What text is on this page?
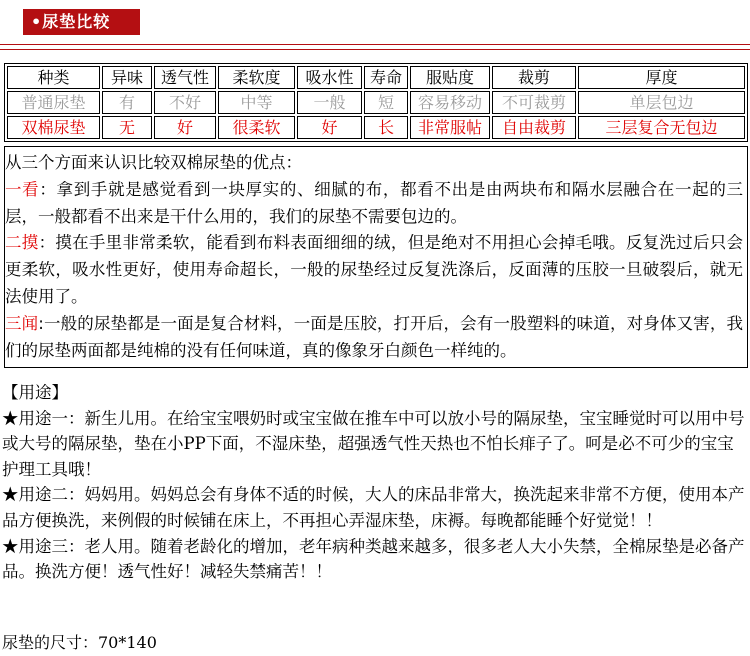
•尿垫比较
种类	异味	透气性	柔软度	吸水性	寿命	服贴度	裁剪	厚度
普通尿垫	有	不好	中等	一般	短	容易移动	不可裁剪	单层包边
双棉尿垫	无	好	很柔软	好	长	非常服帖	自由裁剪	三层复合无包边

从三个方面来认识比较双棉尿垫的优点：

一看：拿到手就是感觉看到一块厚实的、细腻的布，都看不出是由两块布和隔水层融合在一起的三层，一般都看不出来是干什么用的，我们的尿垫不需要包边的。

二摸：摸在手里非常柔软，能看到布料表面细细的绒，但是绝对不用担心会掉毛哦。反复洗过后只会更柔软，吸水性更好，使用寿命超长，一般的尿垫经过反复洗涤后，反面薄的压胶一旦破裂后，就无法使用了。

三闻:一般的尿垫都是一面是复合材料，一面是压胶，打开后，会有一股塑料的味道，对身体又害，我们的尿垫两面都是纯棉的没有任何味道，真的像象牙白颜色一样纯的。

【用途】

★用途一：新生儿用。在给宝宝喂奶时或宝宝做在推车中可以放小号的隔尿垫，宝宝睡觉时可以用中号或大号的隔尿垫，垫在小PP下面，不湿床垫，超强透气性天热也不怕长痱子了。呵是必不可少的宝宝护理工具哦！

★用途二：妈妈用。妈妈总会有身体不适的时候，大人的床品非常大，换洗起来非常不方便，使用本产品方便换洗，来例假的时候铺在床上，不再担心弄湿床垫，床褥。每晚都能睡个好觉觉！！

★用途三：老人用。随着老龄化的增加，老年病种类越来越多，很多老人大小失禁，全棉尿垫是必备产品。换洗方便！透气性好！减轻失禁痛苦！！

尿垫的尺寸：70*140
